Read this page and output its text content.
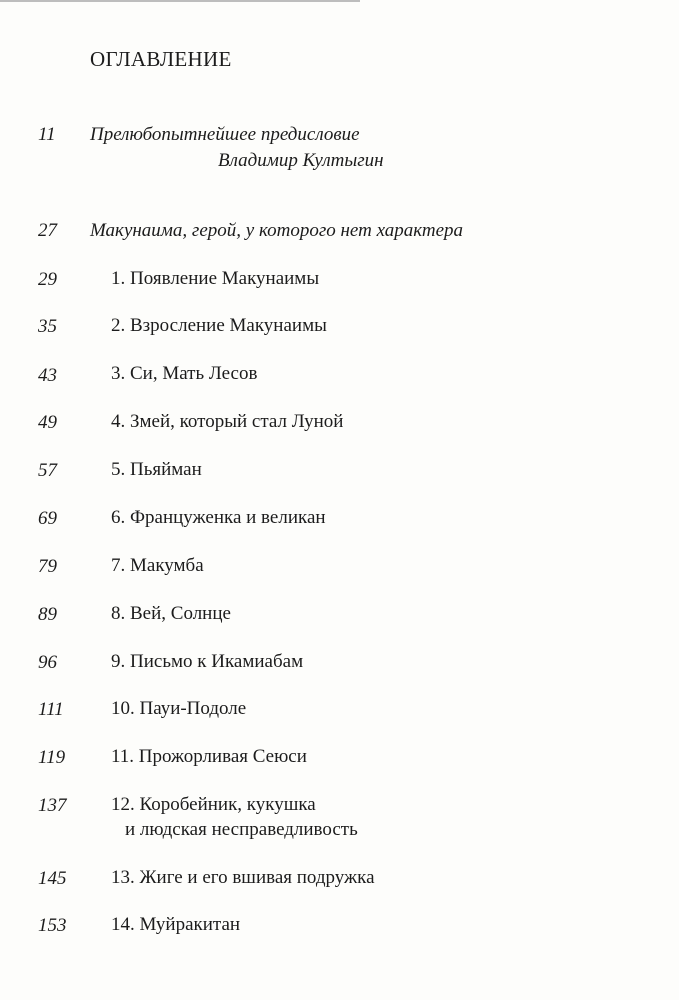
ОГЛАВЛЕНИЕ
11 Прелюбопытнейшее предисловие
Владимир Култыгин
27 Макунаима, герой, у которого нет характера
29	1. Появление Макунаимы
35	2. Взросление Макунаимы
43	3. Си, Мать Лесов
49	4. Змей, который стал Луной
57	5. Пьяйман
69	6. Француженка и великан
79	7. Макумба
89	8. Вей, Солнце
96	9. Письмо к Икамиабам
111 10. Пауи-Подоле
119 11. Прожорливая Сеюси
137 12. Коробейник, кукушка
и людская несправедливость
145 13. Жиге и его вшивая подружка
153 14. Муйракитан
